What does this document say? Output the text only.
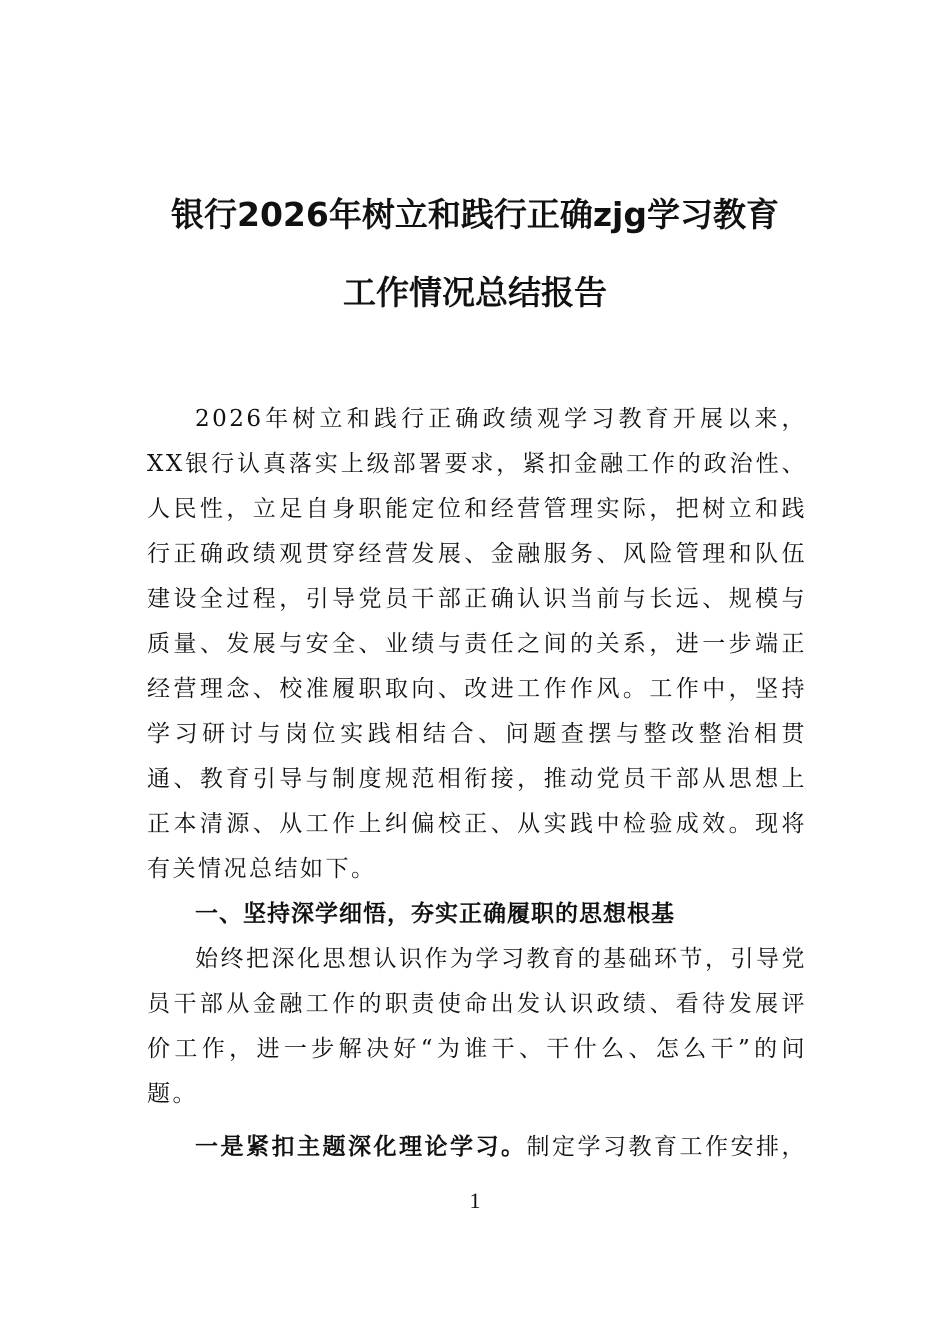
银行2026年树立和践行正确zjg学习教育
工作情况总结报告

2026年树立和践行正确政绩观学习教育开展以来，XX银行认真落实上级部署要求，紧扣金融工作的政治性、人民性，立足自身职能定位和经营管理实际，把树立和践行正确政绩观贯穿经营发展、金融服务、风险管理和队伍建设全过程，引导党员干部正确认识当前与长远、规模与质量、发展与安全、业绩与责任之间的关系，进一步端正经营理念、校准履职取向、改进工作作风。工作中，坚持学习研讨与岗位实践相结合、问题查摆与整改整治相贯通、教育引导与制度规范相衔接，推动党员干部从思想上正本清源、从工作上纠偏校正、从实践中检验成效。现将有关情况总结如下。

一、坚持深学细悟，夯实正确履职的思想根基

始终把深化思想认识作为学习教育的基础环节，引导党员干部从金融工作的职责使命出发认识政绩、看待发展评价工作，进一步解决好“为谁干、干什么、怎么干”的问题。

一是紧扣主题深化理论学习。制定学习教育工作安排，

1
